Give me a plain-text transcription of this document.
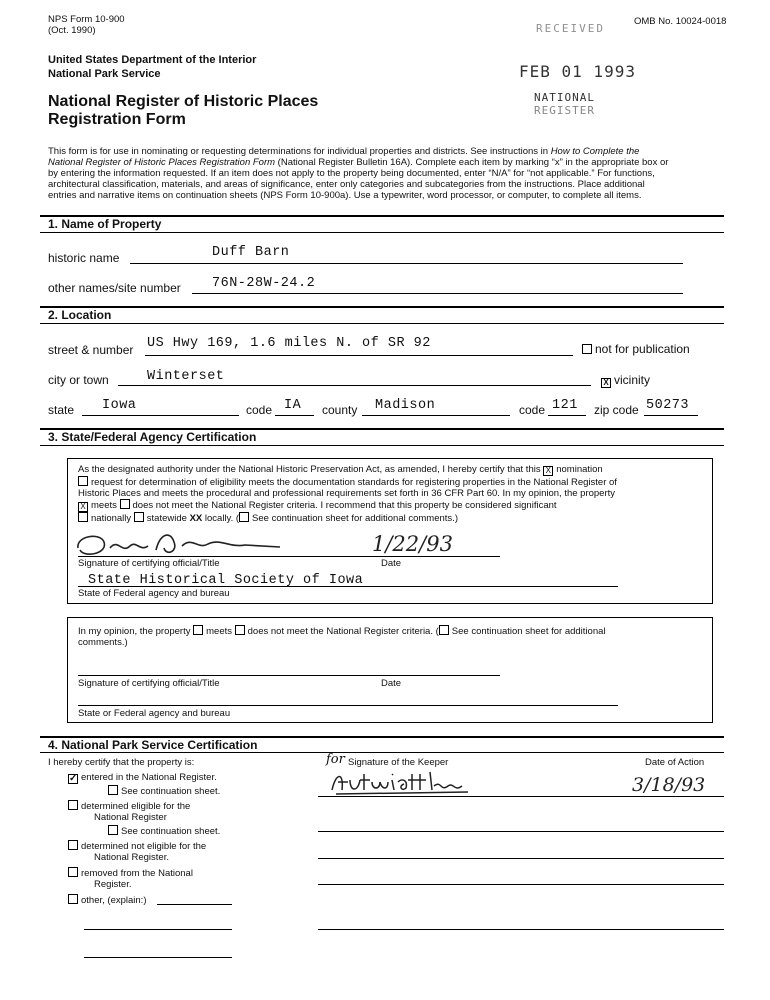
NPS Form 10-900
(Oct. 1990)
OMB No. 10024-0018
United States Department of the Interior
National Park Service
National Register of Historic Places
Registration Form
RECEIVED
FEB 01 1993
NATIONAL
REGISTER
This form is for use in nominating or requesting determinations for individual properties and districts. See instructions in How to Complete the
National Register of Historic Places Registration Form (National Register Bulletin 16A). Complete each item by marking “x” in the appropriate box or
by entering the information requested. If an item does not apply to the property being documented, enter “N/A” for “not applicable.” For functions,
architectural classification, materials, and areas of significance, enter only categories and subcategories from the instructions. Place additional
entries and narrative items on continuation sheets (NPS Form 10-900a). Use a typewriter, word processor, or computer, to complete all items.
1. Name of Property
historic name	Duff Barn
other names/site number 76N-28W-24.2
2. Location
street & number US Hwy 169, 1.6 miles N. of SR 92	not for publication
city or town	Winterset	X vicinity
state Iowa	code IA county Madison	code 121 zip code 50273
3. State/Federal Agency Certification
As the designated authority under the National Historic Preservation Act, as amended, I hereby certify that this X nomination
request for determination of eligibility meets the documentation standards for registering properties in the National Register of
Historic Places and meets the procedural and professional requirements set forth in 36 CFR Part 60. In my opinion, the property
X meets does not meet the National Register criteria. I recommend that this property be considered significant
nationally statewide XX locally. ( See continuation sheet for additional comments.)
Signature of certifying official/Title	Date
1/22/93
State Historical Society of Iowa
State of Federal agency and bureau
In my opinion, the property meets does not meet the National Register criteria. ( See continuation sheet for additional
comments.)
Signature of certifying official/Title	Date
State or Federal agency and bureau
4. National Park Service Certification
I hereby certify that the property is:
✓ entered in the National Register.
See continuation sheet.
determined eligible for the
National Register
See continuation sheet.
determined not eligible for the
National Register.
removed from the National
Register.
other, (explain:)
for Signature of the Keeper	Date of Action
3/18/93
